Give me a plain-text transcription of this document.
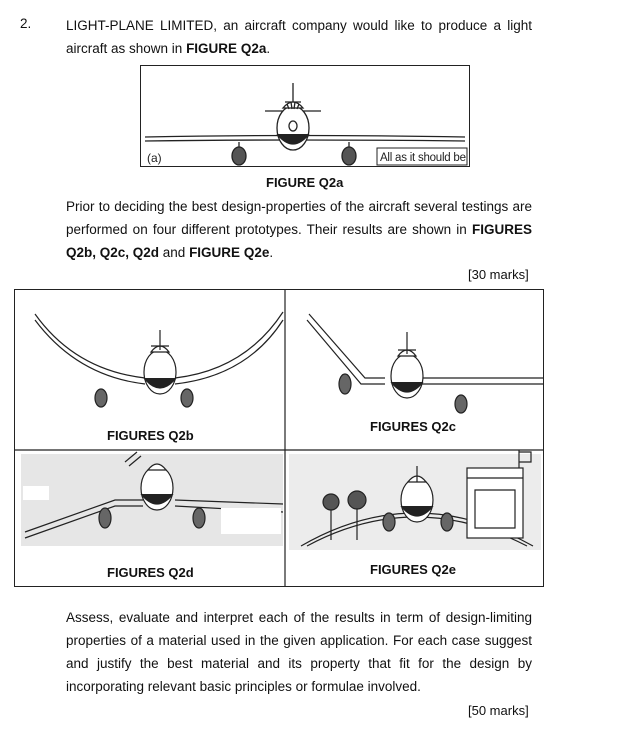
2.	LIGHT-PLANE LIMITED, an aircraft company would like to produce a light aircraft as shown in FIGURE Q2a.
(a)	All as it should be
FIGURE Q2a
Prior to deciding the best design-properties of the aircraft several testings are performed on four different prototypes. Their results are shown in FIGURES Q2b, Q2c, Q2d and FIGURE Q2e.
[30 marks]
FIGURES Q2b
FIGURES Q2c
FIGURES Q2d	FIGURES Q2e
Assess, evaluate and interpret each of the results in term of design-limiting properties of a material used in the given application. For each case suggest and justify the best material and its property that fit for the design by incorporating relevant basic principles or formulae involved.
[50 marks]
